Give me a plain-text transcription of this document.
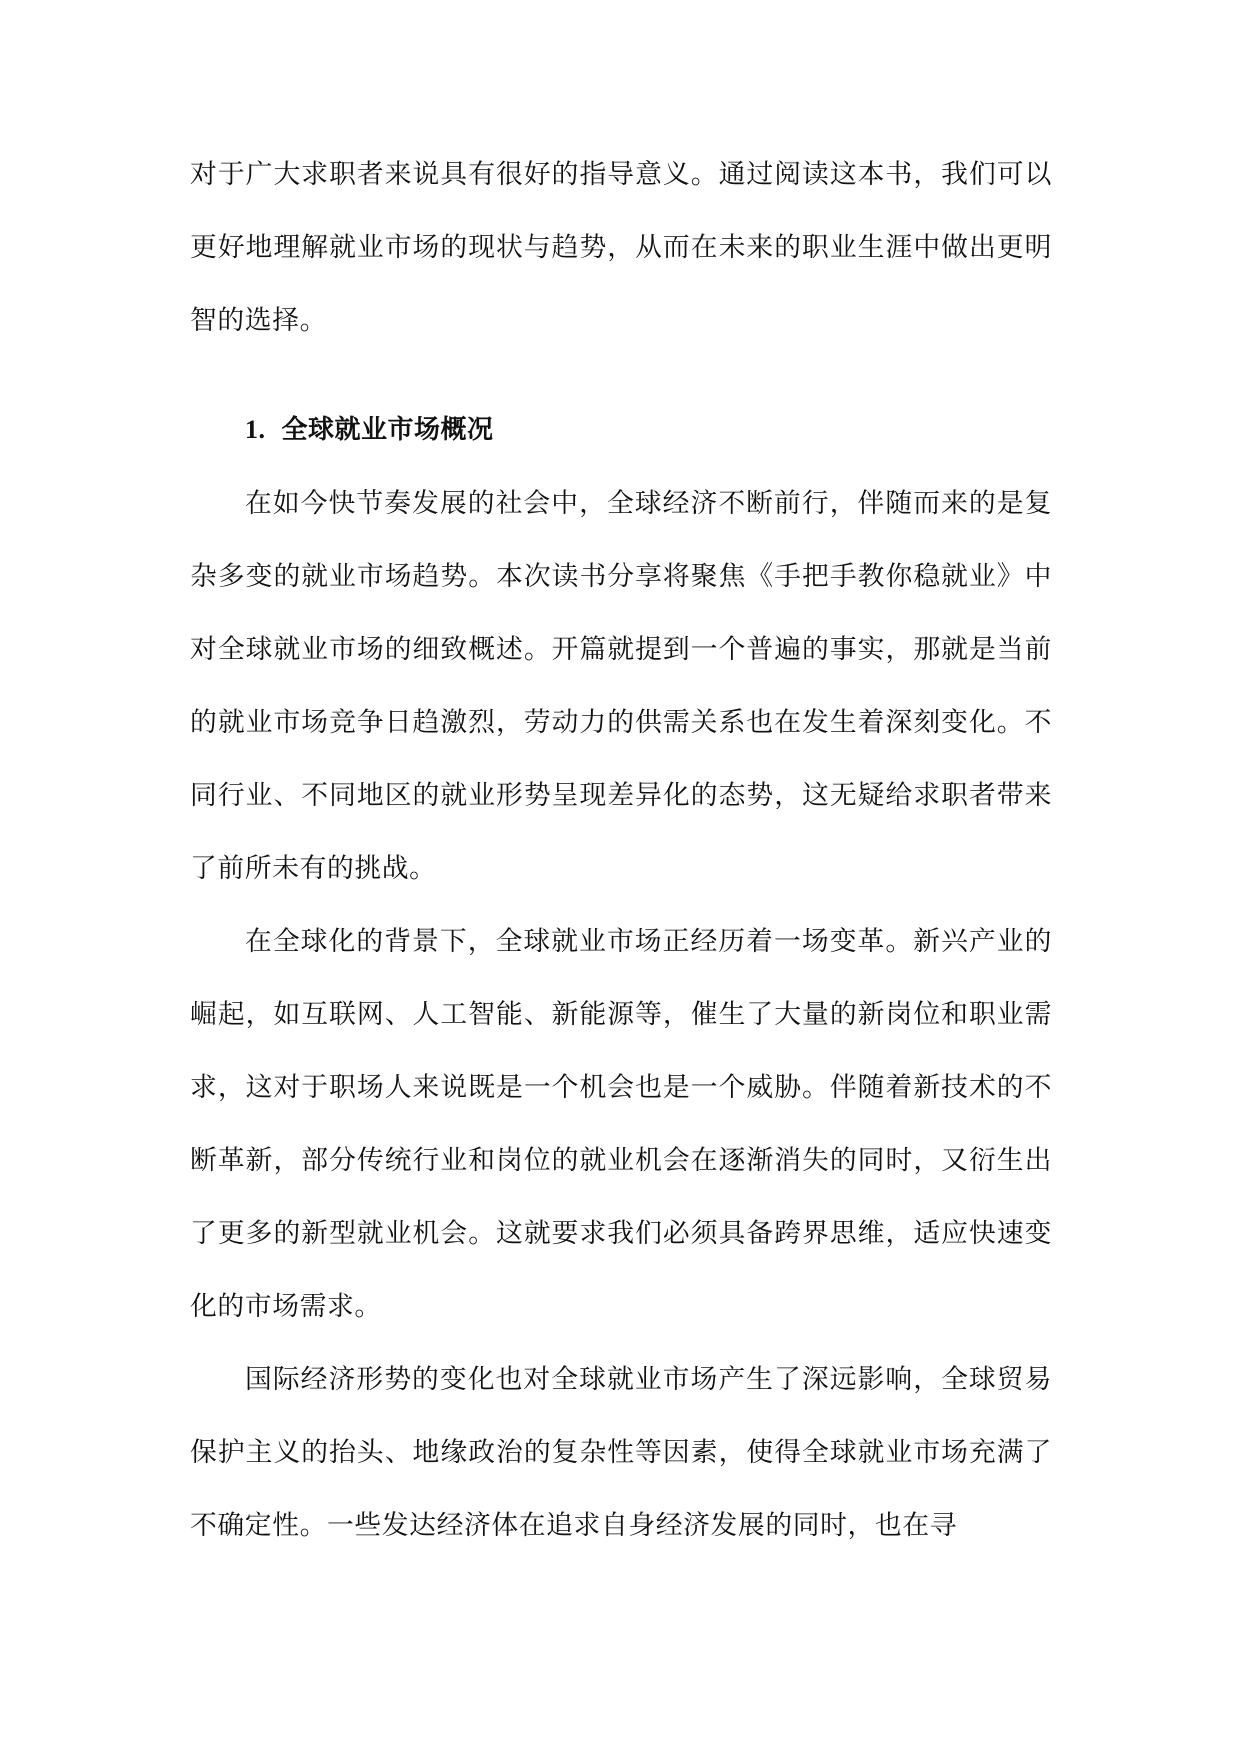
对于广大求职者来说具有很好的指导意义。通过阅读这本书，我们可以更好地理解就业市场的现状与趋势，从而在未来的职业生涯中做出更明智的选择。

1. 全球就业市场概况

在如今快节奏发展的社会中，全球经济不断前行，伴随而来的是复杂多变的就业市场趋势。本次读书分享将聚焦《手把手教你稳就业》中对全球就业市场的细致概述。开篇就提到一个普遍的事实，那就是当前的就业市场竞争日趋激烈，劳动力的供需关系也在发生着深刻变化。不同行业、不同地区的就业形势呈现差异化的态势，这无疑给求职者带来了前所未有的挑战。

在全球化的背景下，全球就业市场正经历着一场变革。新兴产业的崛起，如互联网、人工智能、新能源等，催生了大量的新岗位和职业需求，这对于职场人来说既是一个机会也是一个威胁。伴随着新技术的不断革新，部分传统行业和岗位的就业机会在逐渐消失的同时，又衍生出了更多的新型就业机会。这就要求我们必须具备跨界思维，适应快速变化的市场需求。

国际经济形势的变化也对全球就业市场产生了深远影响，全球贸易保护主义的抬头、地缘政治的复杂性等因素，使得全球就业市场充满了不确定性。一些发达经济体在追求自身经济发展的同时，也在寻
